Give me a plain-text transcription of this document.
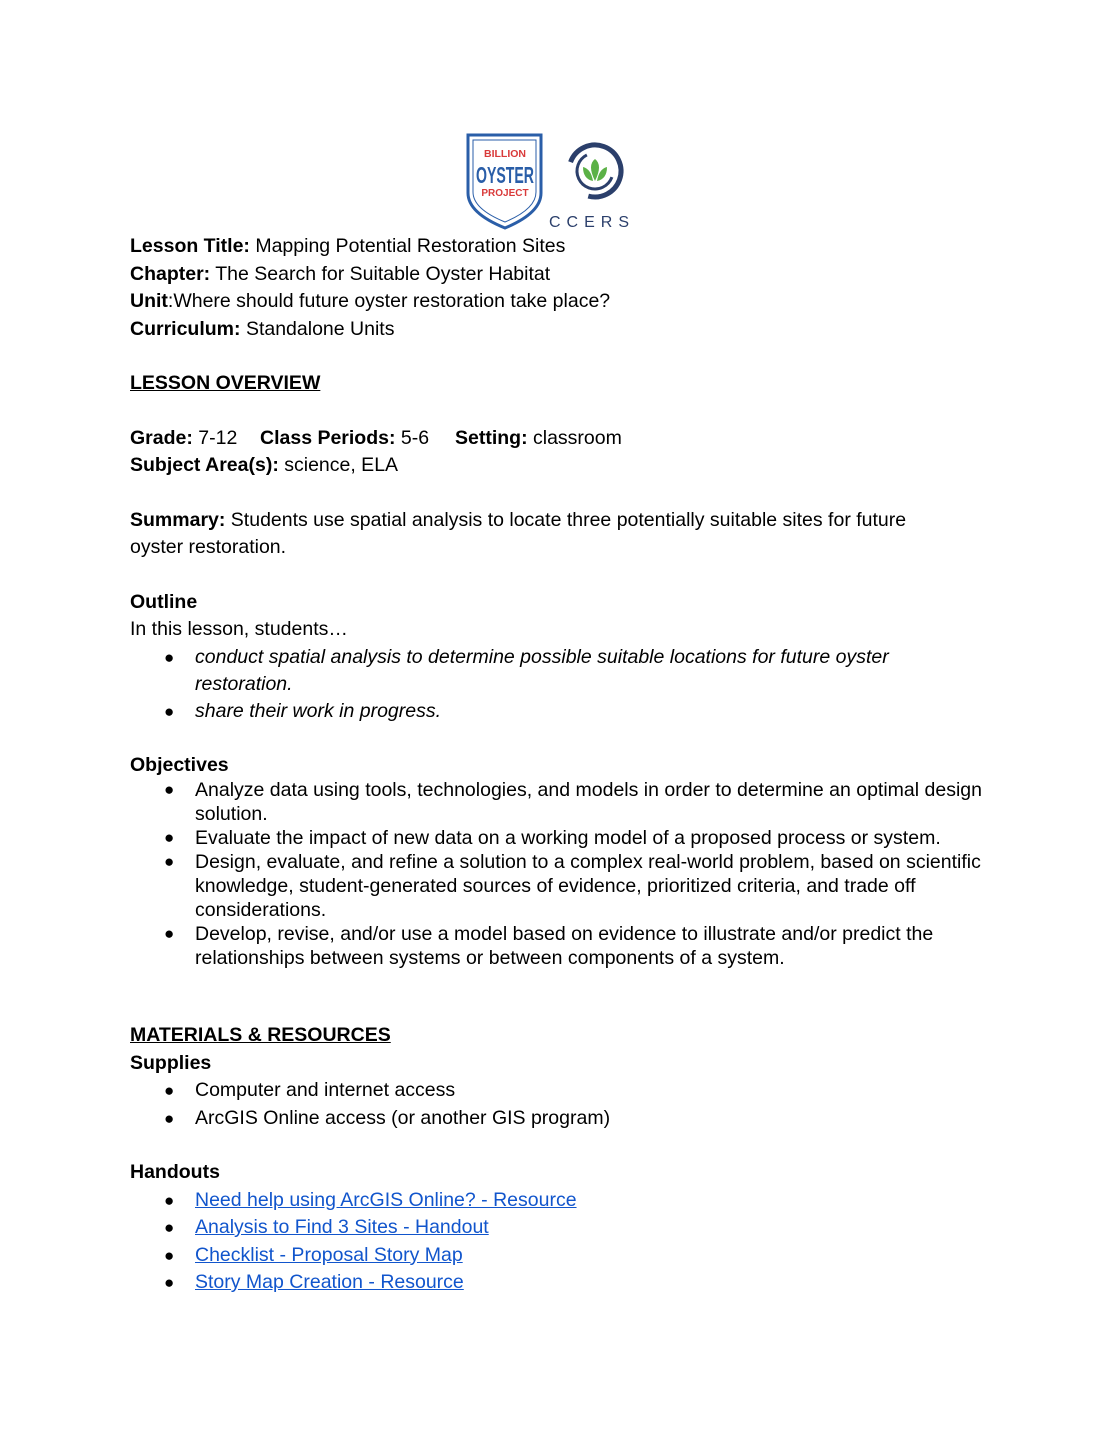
BILLION
OYSTER
PROJECT
CCERS
Lesson Title: Mapping Potential Restoration Sites
Chapter: The Search for Suitable Oyster Habitat
Unit:Where should future oyster restoration take place?
Curriculum: Standalone Units
LESSON OVERVIEW
Grade: 7-12 Class Periods: 5-6 Setting: classroom
Subject Area(s): science, ELA
Summary: Students use spatial analysis to locate three potentially suitable sites for future
oyster restoration.
Outline
In this lesson, students…
● conduct spatial analysis to determine possible suitable locations for future oyster
restoration.
● share their work in progress.
Objectives
● Analyze data using tools, technologies, and models in order to determine an optimal design
solution.
● Evaluate the impact of new data on a working model of a proposed process or system.
● Design, evaluate, and refine a solution to a complex real-world problem, based on scientific
knowledge, student-generated sources of evidence, prioritized criteria, and trade off
considerations.
● Develop, revise, and/or use a model based on evidence to illustrate and/or predict the
relationships between systems or between components of a system.
MATERIALS & RESOURCES
Supplies
● Computer and internet access
● ArcGIS Online access (or another GIS program)
Handouts
● Need help using ArcGIS Online? - Resource
● Analysis to Find 3 Sites - Handout
● Checklist - Proposal Story Map
● Story Map Creation - Resource
